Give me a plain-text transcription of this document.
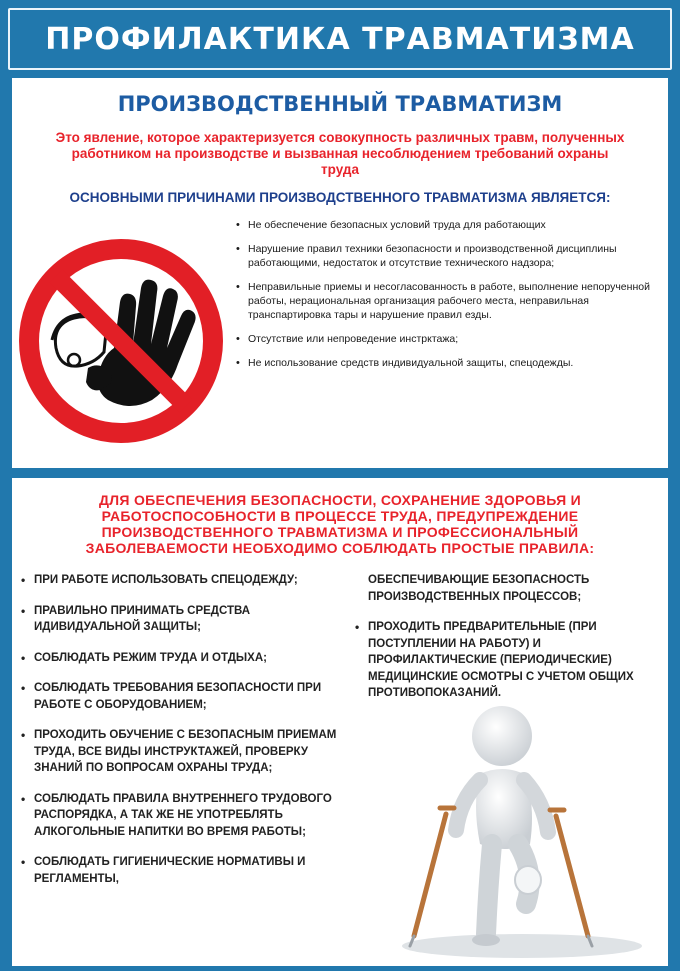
ПРОФИЛАКТИКА ТРАВМАТИЗМА
ПРОИЗВОДСТВЕННЫЙ ТРАВМАТИЗМ
Это явление, которое характеризуется совокупность различных травм, полученных работником на производстве и вызванная несоблюдением требований охраны труда
ОСНОВНЫМИ ПРИЧИНАМИ ПРОИЗВОДСТВЕННОГО ТРАВМАТИЗМА ЯВЛЯЕТСЯ:
• Не обеспечение безопасных условий труда для работающих
• Нарушение правил техники безопасности и производственной дисциплины работающими, недостаток и отсутствие технического надзора;
• Неправильные приемы и несогласованность в работе, выполнение непорученной работы, нерациональная организация рабочего места, неправильная транспартировка тары и нарушение правил езды.
• Отсутствие или непроведение инстрктажа;
• Не использование средств индивидуальной защиты, спецодежды.
ДЛЯ ОБЕСПЕЧЕНИЯ БЕЗОПАСНОСТИ, СОХРАНЕНИЕ ЗДОРОВЬЯ И РАБОТОСПОСОБНОСТИ В ПРОЦЕССЕ ТРУДА, ПРЕДУПРЕЖДЕНИЕ ПРОИЗВОДСТВЕННОГО ТРАВМАТИЗМА И ПРОФЕССИОНАЛЬНЫЙ ЗАБОЛЕВАЕМОСТИ НЕОБХОДИМО СОБЛЮДАТЬ ПРОСТЫЕ ПРАВИЛА:
• ПРИ РАБОТЕ ИСПОЛЬЗОВАТЬ СПЕЦОДЕЖДУ;
• ПРАВИЛЬНО ПРИНИМАТЬ СРЕДСТВА ИДИВИДУАЛЬНОЙ ЗАЩИТЫ;
• СОБЛЮДАТЬ РЕЖИМ ТРУДА И ОТДЫХА;
• СОБЛЮДАТЬ ТРЕБОВАНИЯ БЕЗОПАСНОСТИ ПРИ РАБОТЕ С ОБОРУДОВАНИЕМ;
• ПРОХОДИТЬ ОБУЧЕНИЕ С БЕЗОПАСНЫМ ПРИЕМАМ ТРУДА, ВСЕ ВИДЫ ИНСТРУКТАЖЕЙ, ПРОВЕРКУ ЗНАНИЙ ПО ВОПРОСАМ ОХРАНЫ ТРУДА;
• СОБЛЮДАТЬ ПРАВИЛА ВНУТРЕННЕГО ТРУДОВОГО РАСПОРЯДКА, А ТАК ЖЕ НЕ УПОТРЕБЛЯТЬ АЛКОГОЛЬНЫЕ НАПИТКИ ВО ВРЕМЯ РАБОТЫ;
• СОБЛЮДАТЬ ГИГИЕНИЧЕСКИЕ НОРМАТИВЫ И РЕГЛАМЕНТЫ,
ОБЕСПЕЧИВАЮЩИЕ БЕЗОПАСНОСТЬ ПРОИЗВОДСТВЕННЫХ ПРОЦЕССОВ;
• ПРОХОДИТЬ ПРЕДВАРИТЕЛЬНЫЕ (ПРИ ПОСТУПЛЕНИИ НА РАБОТУ) И ПРОФИЛАКТИЧЕСКИЕ (ПЕРИОДИЧЕСКИЕ) МЕДИЦИНСКИЕ ОСМОТРЫ С УЧЕТОМ ОБЩИХ ПРОТИВОПОКАЗАНИЙ.
